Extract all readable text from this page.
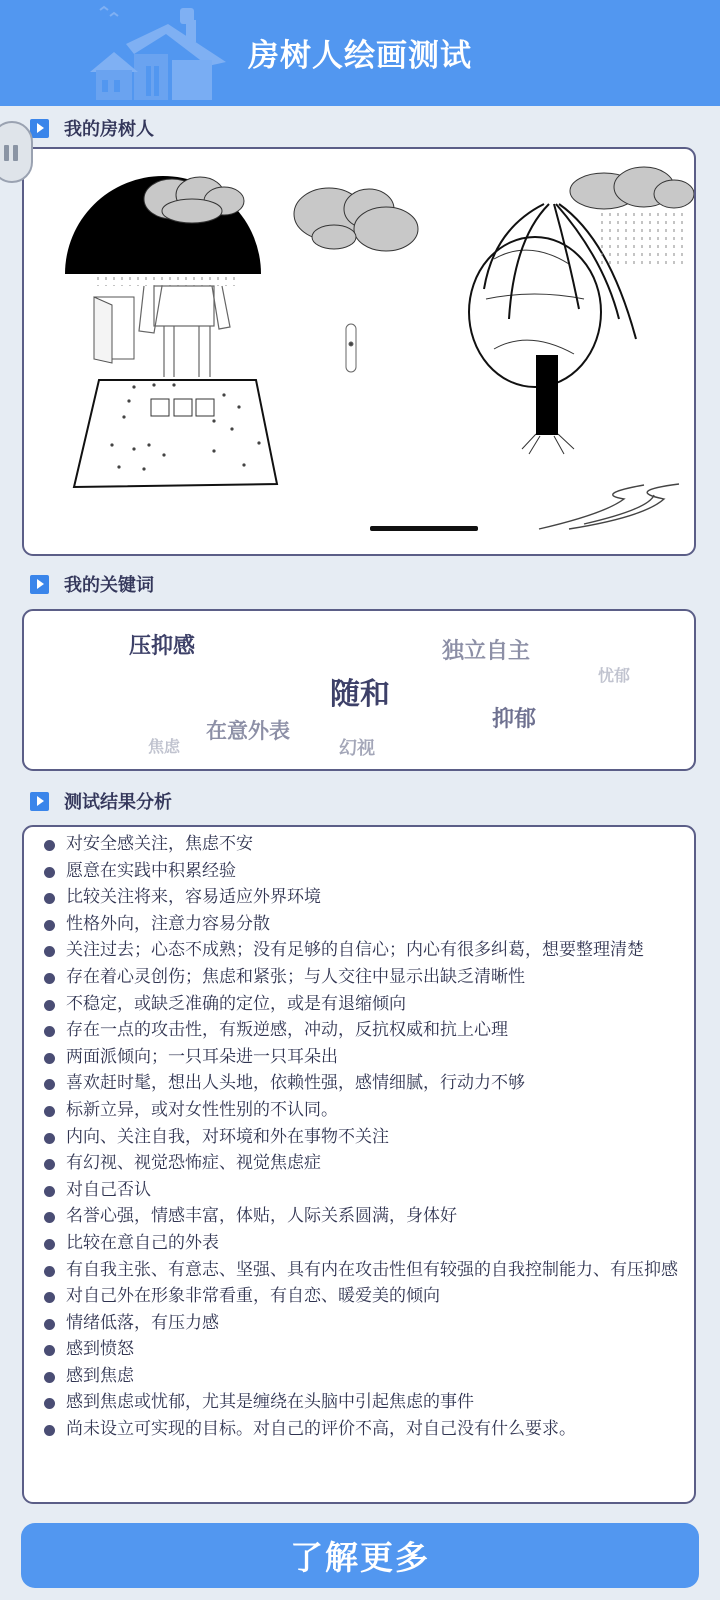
房树人绘画测试
我的房树人
我的关键词
压抑感	独立自主
忧郁
随和
抑郁
在意外表
焦虑	幻视
测试结果分析
对安全感关注，焦虑不安
愿意在实践中积累经验
比较关注将来，容易适应外界环境
性格外向，注意力容易分散
关注过去；心态不成熟；没有足够的自信心；内心有很多纠葛，想要整理清楚
存在着心灵创伤；焦虑和紧张；与人交往中显示出缺乏清晰性
不稳定，或缺乏准确的定位，或是有退缩倾向
存在一点的攻击性，有叛逆感，冲动，反抗权威和抗上心理
两面派倾向；一只耳朵进一只耳朵出
喜欢赶时髦，想出人头地，依赖性强，感情细腻，行动力不够
标新立异，或对女性性别的不认同。
内向、关注自我，对环境和外在事物不关注
有幻视、视觉恐怖症、视觉焦虑症
对自己否认
名誉心强，情感丰富，体贴，人际关系圆满，身体好
比较在意自己的外表
有自我主张、有意志、坚强、具有内在攻击性但有较强的自我控制能力、有压抑感
对自己外在形象非常看重，有自恋、暖爱美的倾向
情绪低落，有压力感
感到愤怒
感到焦虑
感到焦虑或忧郁，尤其是缠绕在头脑中引起焦虑的事件
尚未设立可实现的目标。对自己的评价不高，对自己没有什么要求。
了解更多
